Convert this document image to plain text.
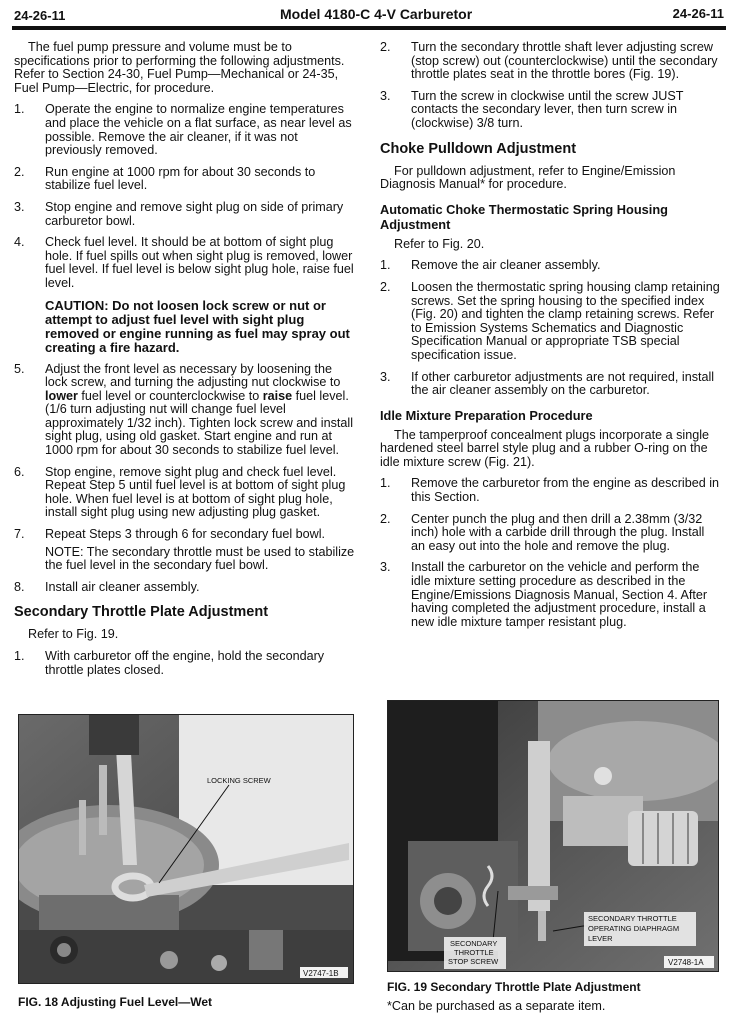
24-26-11	Model 4180-C 4-V Carburetor	24-26-11

The fuel pump pressure and volume must be to specifications prior to performing the following adjustments. Refer to Section 24-30, Fuel Pump—Mechanical or 24-35, Fuel Pump—Electric, for procedure.

1. Operate the engine to normalize engine temperatures and place the vehicle on a flat surface, as near level as possible. Remove the air cleaner, if it was not previously removed.
2. Run engine at 1000 rpm for about 30 seconds to stabilize fuel level.
3. Stop engine and remove sight plug on side of primary carburetor bowl.
4. Check fuel level. It should be at bottom of sight plug hole. If fuel spills out when sight plug is removed, lower fuel level. If fuel level is below sight plug hole, raise fuel level.
CAUTION: Do not loosen lock screw or nut or attempt to adjust fuel level with sight plug removed or engine running as fuel may spray out creating a fire hazard.
5. Adjust the front level as necessary by loosening the lock screw, and turning the adjusting nut clockwise to lower fuel level or counterclockwise to raise fuel level. (1/6 turn adjusting nut will change fuel level approximately 1/32 inch). Tighten lock screw and install sight plug, using old gasket. Start engine and run at 1000 rpm for about 30 seconds to stabilize fuel level.
6. Stop engine, remove sight plug and check fuel level. Repeat Step 5 until fuel level is at bottom of sight plug hole. When fuel level is at bottom of sight plug hole, install sight plug using new adjusting plug gasket.
7. Repeat Steps 3 through 6 for secondary fuel bowl.
NOTE: The secondary throttle must be used to stabilize the fuel level in the secondary fuel bowl.
8. Install air cleaner assembly.
Secondary Throttle Plate Adjustment

Refer to Fig. 19.

1. With carburetor off the engine, hold the secondary throttle plates closed.
2. Turn the secondary throttle shaft lever adjusting screw (stop screw) out (counterclockwise) until the secondary throttle plates seat in the throttle bores (Fig. 19).
3. Turn the screw in clockwise until the screw JUST contacts the secondary lever, then turn screw in (clockwise) 3/8 turn.
Choke Pulldown Adjustment

For pulldown adjustment, refer to Engine/Emission Diagnosis Manual* for procedure.

Automatic Choke Thermostatic Spring Housing Adjustment

Refer to Fig. 20.

1. Remove the air cleaner assembly.
2. Loosen the thermostatic spring housing clamp retaining screws. Set the spring housing to the specified index (Fig. 20) and tighten the clamp retaining screws. Refer to Emission Systems Schematics and Diagnostic Specification Manual or appropriate TSB special specification issue.
3. If other carburetor adjustments are not required, install the air cleaner assembly on the carburetor.
Idle Mixture Preparation Procedure

The tamperproof concealment plugs incorporate a single hardened steel barrel style plug and a rubber O-ring on the idle mixture screw (Fig. 21).

1. Remove the carburetor from the engine as described in this Section.
2. Center punch the plug and then drill a 2.38mm (3/32 inch) hole with a carbide drill through the plug. Install an easy out into the hole and remove the plug.
3. Install the carburetor on the vehicle and perform the idle mixture setting procedure as described in the Engine/Emissions Diagnosis Manual, Section 4. After having completed the adjustment procedure, install a new idle mixture tamper resistant plug.
LOCKING SCREW
V2747-1B
FIG. 18 Adjusting Fuel Level—Wet
SECONDARY THROTTLE
OPERATING DIAPHRAGM
LEVER
SECONDARY
THROTTLE
STOP SCREW	V2748-1A
FIG. 19 Secondary Throttle Plate Adjustment
*Can be purchased as a separate item.
